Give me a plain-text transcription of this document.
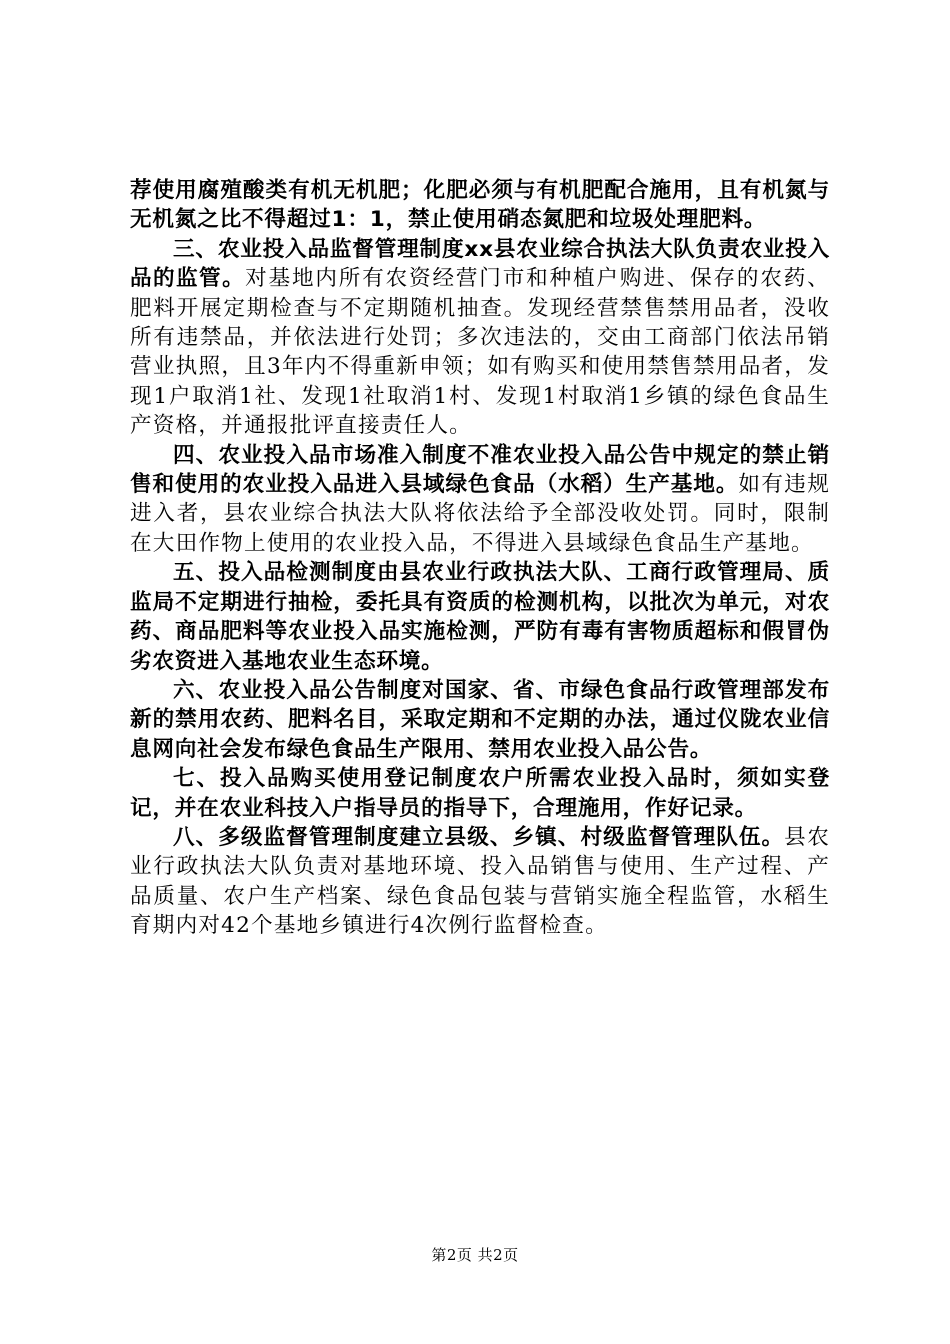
荐使用腐殖酸类有机无机肥；化肥必须与有机肥配合施用，且有机氮与无机氮之比不得超过1：1，禁止使用硝态氮肥和垃圾处理肥料。

三、农业投入品监督管理制度xx县农业综合执法大队负责农业投入品的监管。对基地内所有农资经营门市和种植户购进、保存的农药、肥料开展定期检查与不定期随机抽查。发现经营禁售禁用品者，没收所有违禁品，并依法进行处罚；多次违法的，交由工商部门依法吊销营业执照，且3年内不得重新申领；如有购买和使用禁售禁用品者，发现1户取消1社、发现1社取消1村、发现1村取消1乡镇的绿色食品生产资格，并通报批评直接责任人。

四、农业投入品市场准入制度不准农业投入品公告中规定的禁止销售和使用的农业投入品进入县域绿色食品（水稻）生产基地。如有违规进入者，县农业综合执法大队将依法给予全部没收处罚。同时，限制在大田作物上使用的农业投入品，不得进入县域绿色食品生产基地。

五、投入品检测制度由县农业行政执法大队、工商行政管理局、质监局不定期进行抽检，委托具有资质的检测机构，以批次为单元，对农药、商品肥料等农业投入品实施检测，严防有毒有害物质超标和假冒伪劣农资进入基地农业生态环境。

六、农业投入品公告制度对国家、省、市绿色食品行政管理部发布新的禁用农药、肥料名目，采取定期和不定期的办法，通过仪陇农业信息网向社会发布绿色食品生产限用、禁用农业投入品公告。

七、投入品购买使用登记制度农户所需农业投入品时，须如实登记，并在农业科技入户指导员的指导下，合理施用，作好记录。

八、多级监督管理制度建立县级、乡镇、村级监督管理队伍。县农业行政执法大队负责对基地环境、投入品销售与使用、生产过程、产品质量、农户生产档案、绿色食品包装与营销实施全程监管，水稻生育期内对42个基地乡镇进行4次例行监督检查。

第2页 共2页
